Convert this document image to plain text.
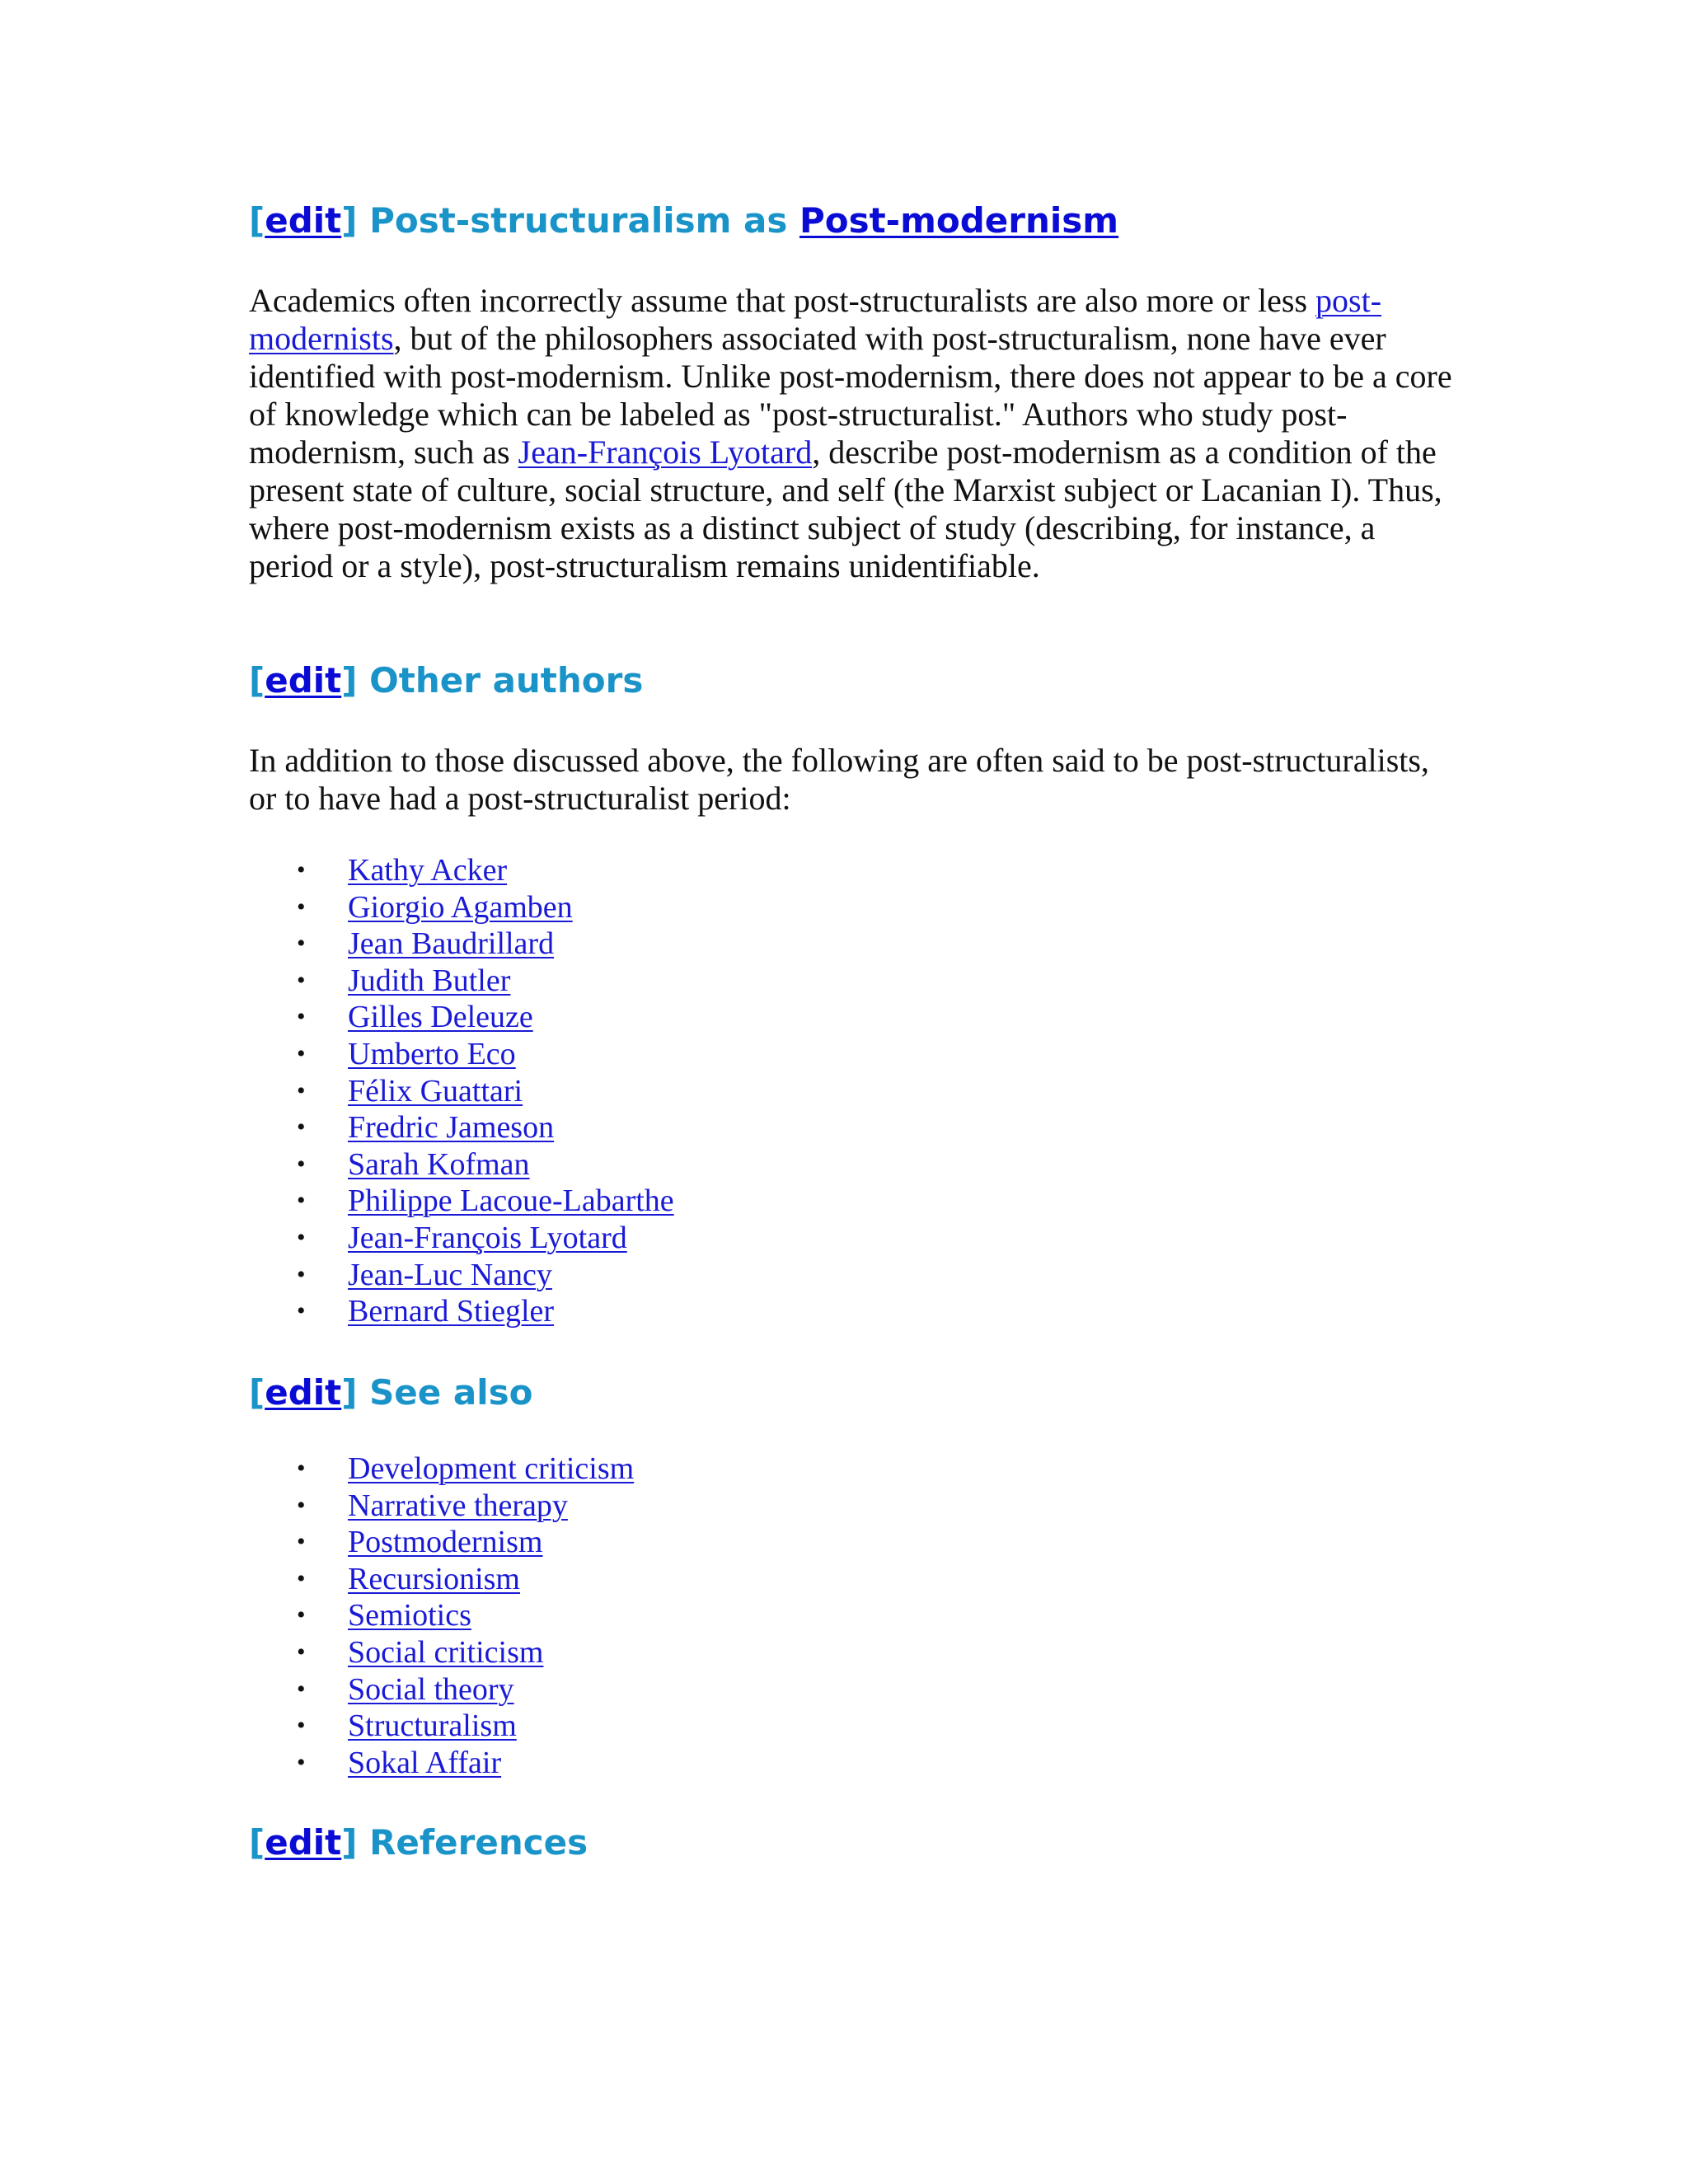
[edit] Post-structuralism as Post-modernism

Academics often incorrectly assume that post-structuralists are also more or less post-modernists, but of the philosophers associated with post-structuralism, none have ever identified with post-modernism. Unlike post-modernism, there does not appear to be a core of knowledge which can be labeled as "post-structuralist." Authors who study post-modernism, such as Jean-François Lyotard, describe post-modernism as a condition of the present state of culture, social structure, and self (the Marxist subject or Lacanian I). Thus, where post-modernism exists as a distinct subject of study (describing, for instance, a period or a style), post-structuralism remains unidentifiable.

[edit] Other authors

In addition to those discussed above, the following are often said to be post-structuralists, or to have had a post-structuralist period:

• Kathy Acker
• Giorgio Agamben
• Jean Baudrillard
• Judith Butler
• Gilles Deleuze
• Umberto Eco
• Félix Guattari
• Fredric Jameson
• Sarah Kofman
• Philippe Lacoue-Labarthe
• Jean-François Lyotard
• Jean-Luc Nancy
• Bernard Stiegler
[edit] See also
• Development criticism
• Narrative therapy
• Postmodernism
• Recursionism
• Semiotics
• Social criticism
• Social theory
• Structuralism
• Sokal Affair
[edit] References
